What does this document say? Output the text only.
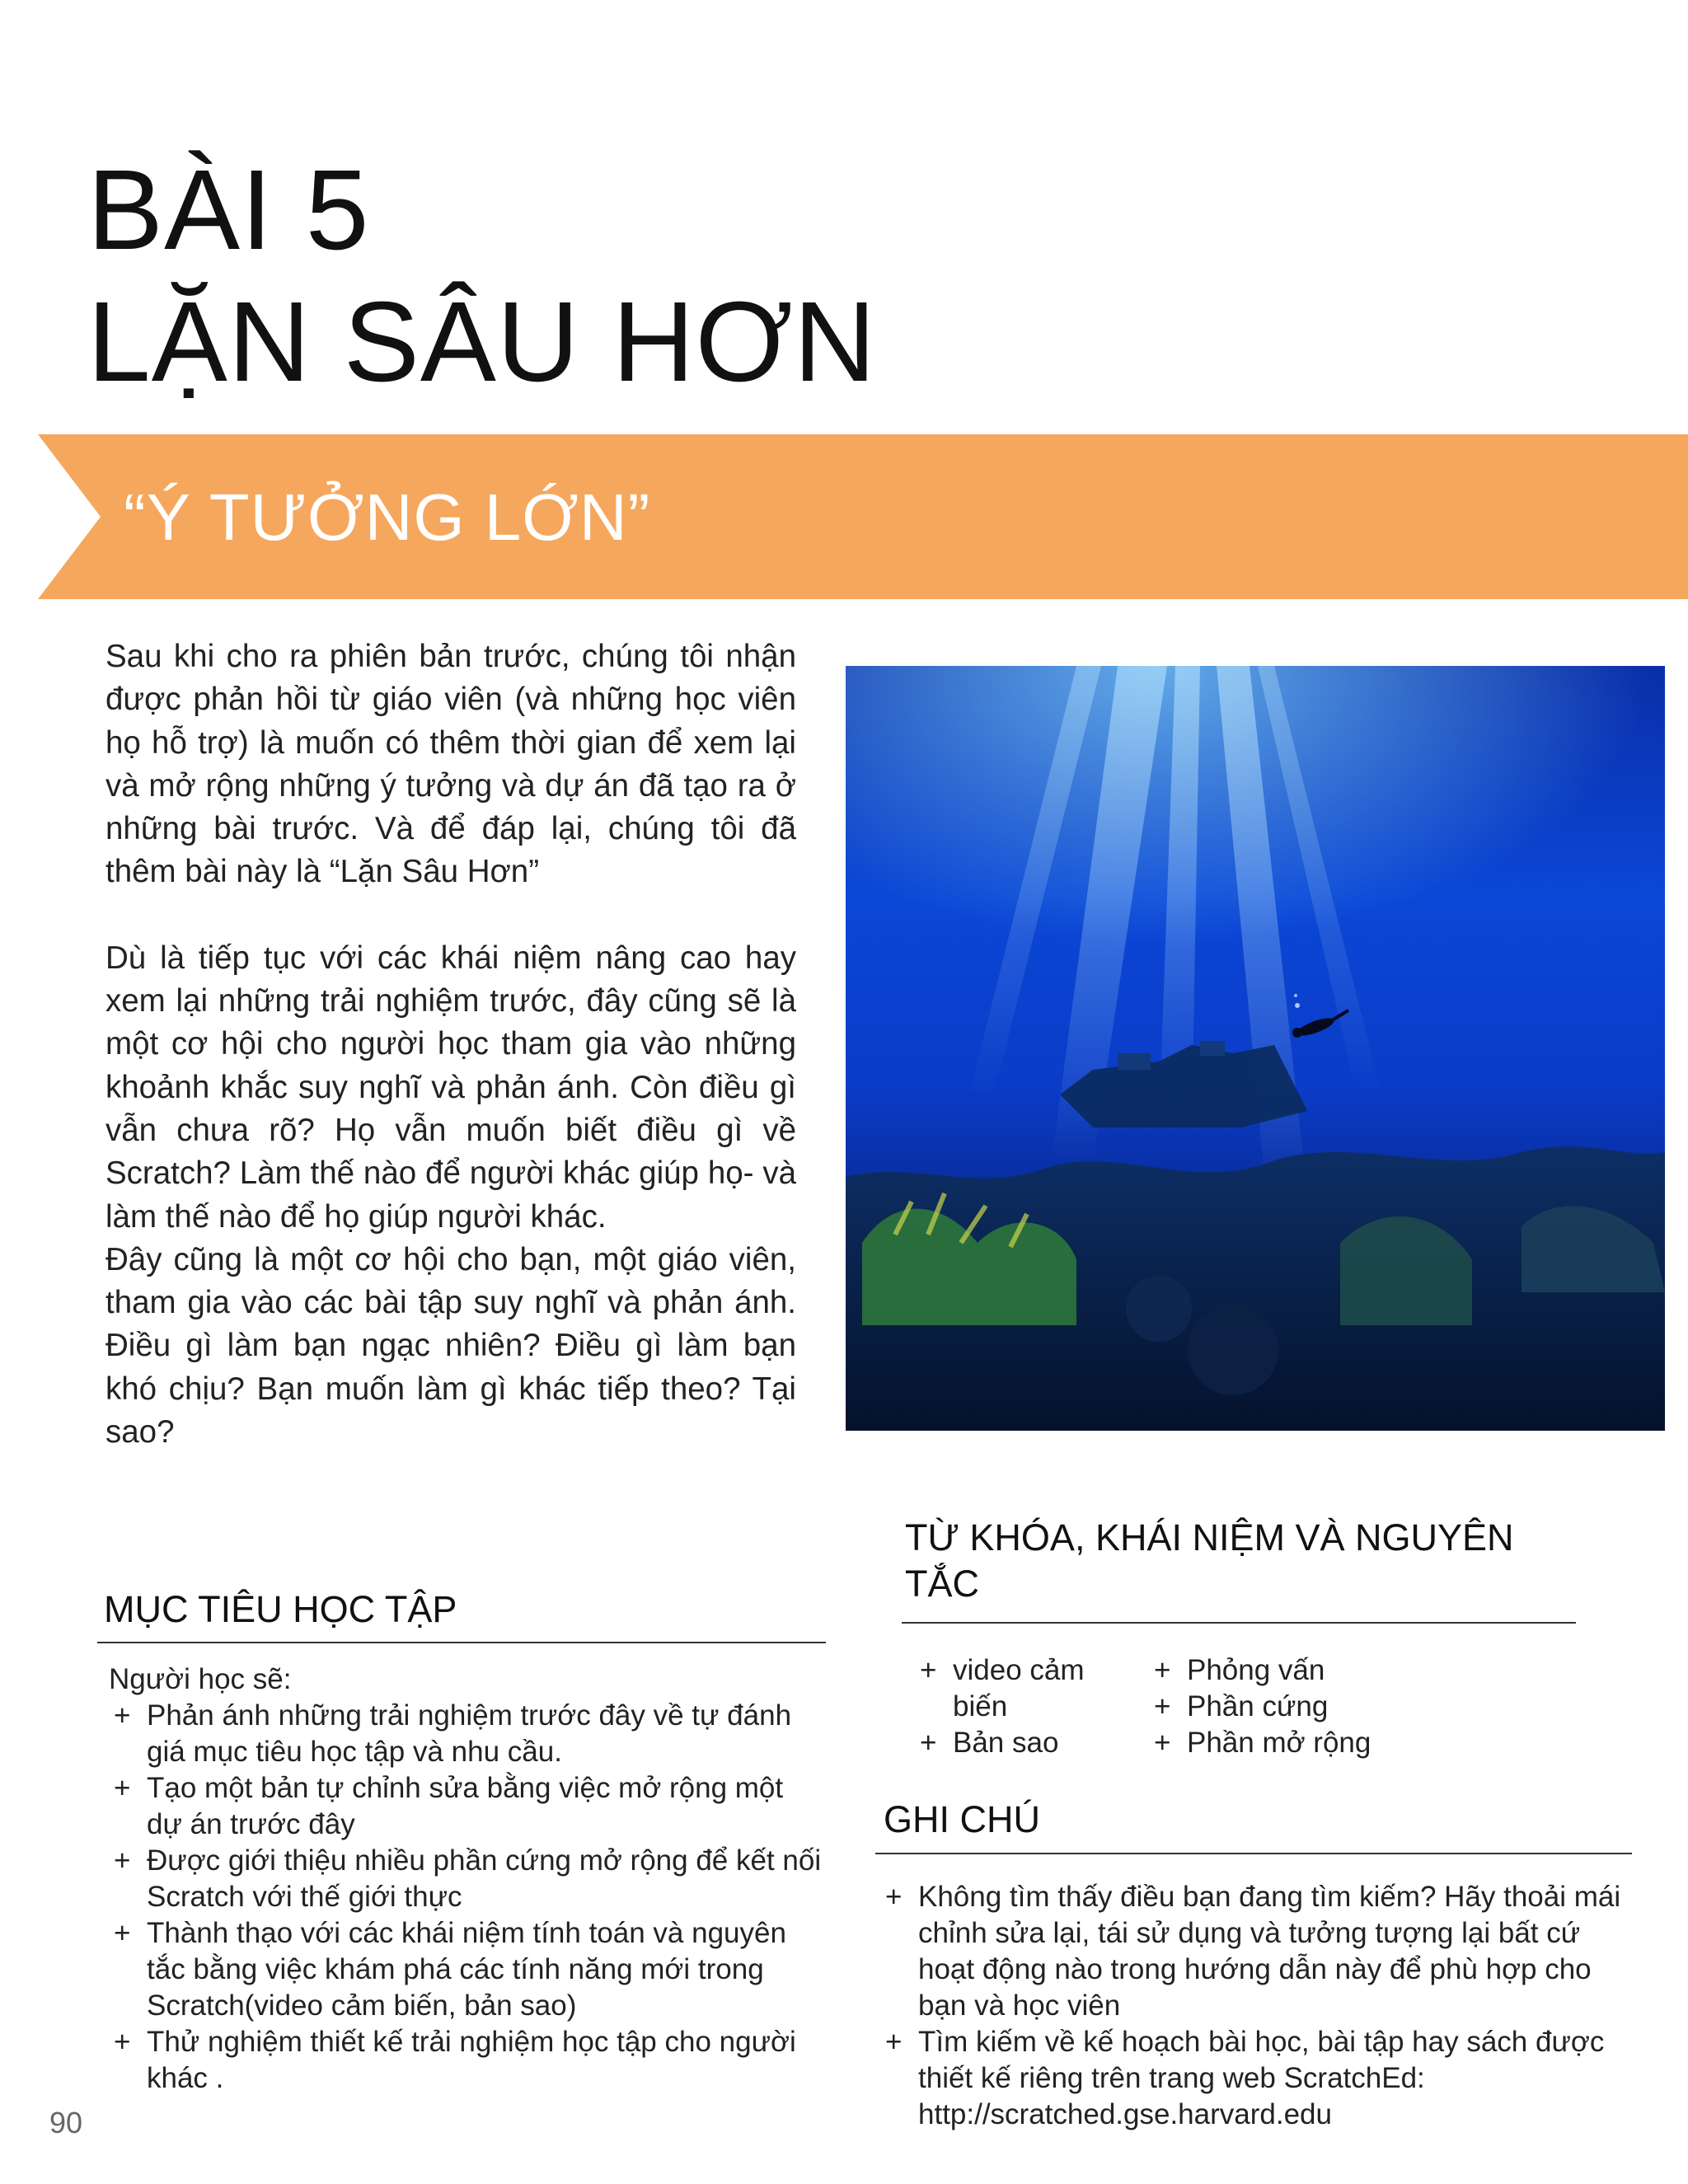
BÀI 5
LẶN SÂU HƠN
“Ý TƯỞNG LỚN”

Sau khi cho ra phiên bản trước, chúng tôi nhận được phản hồi từ giáo viên (và những học viên họ hỗ trợ) là muốn có thêm thời gian để xem lại và mở rộng những ý tưởng và dự án đã tạo ra ở những bài trước. Và để đáp lại, chúng tôi đã thêm bài này là “Lặn Sâu Hơn”

Dù là tiếp tục với các khái niệm nâng cao hay xem lại những trải nghiệm trước, đây cũng sẽ là một cơ hội cho người học tham gia vào những khoảnh khắc suy nghĩ và phản ánh. Còn điều gì vẫn chưa rõ? Họ vẫn muốn biết điều gì về Scratch? Làm thế nào để người khác giúp họ- và làm thế nào để họ giúp người khác.

Đây cũng là một cơ hội cho bạn, một giáo viên, tham gia vào các bài tập suy nghĩ và phản ánh. Điều gì làm bạn ngạc nhiên? Điều gì làm bạn khó chịu? Bạn muốn làm gì khác tiếp theo? Tại sao?

MỤC TIÊU HỌC TẬP
Người học sẽ:
+ Phản ánh những trải nghiệm trước đây về tự đánh giá mục tiêu học tập và nhu cầu.
+ Tạo một bản tự chỉnh sửa bằng việc mở rộng một dự án trước đây
+ Được giới thiệu nhiều phần cứng mở rộng để kết nối Scratch với thế giới thực
+ Thành thạo với các khái niệm tính toán và nguyên tắc bằng việc khám phá các tính năng mới trong Scratch(video cảm biến, bản sao)
+ Thử nghiệm thiết kế trải nghiệm học tập cho người khác .
TỪ KHÓA, KHÁI NIỆM VÀ NGUYÊN TẮC
+ video cảm biến
+ Bản sao
+ Phỏng vấn
+ Phần cứng
+ Phần mở rộng
GHI CHÚ
+ Không tìm thấy điều bạn đang tìm kiếm? Hãy thoải mái chỉnh sửa lại, tái sử dụng và tưởng tượng lại bất cứ hoạt động nào trong hướng dẫn này để phù hợp cho bạn và học viên
+ Tìm kiếm về kế hoạch bài học, bài tập hay sách được thiết kế riêng trên trang web ScratchEd: http://scratched.gse.harvard.edu
90
